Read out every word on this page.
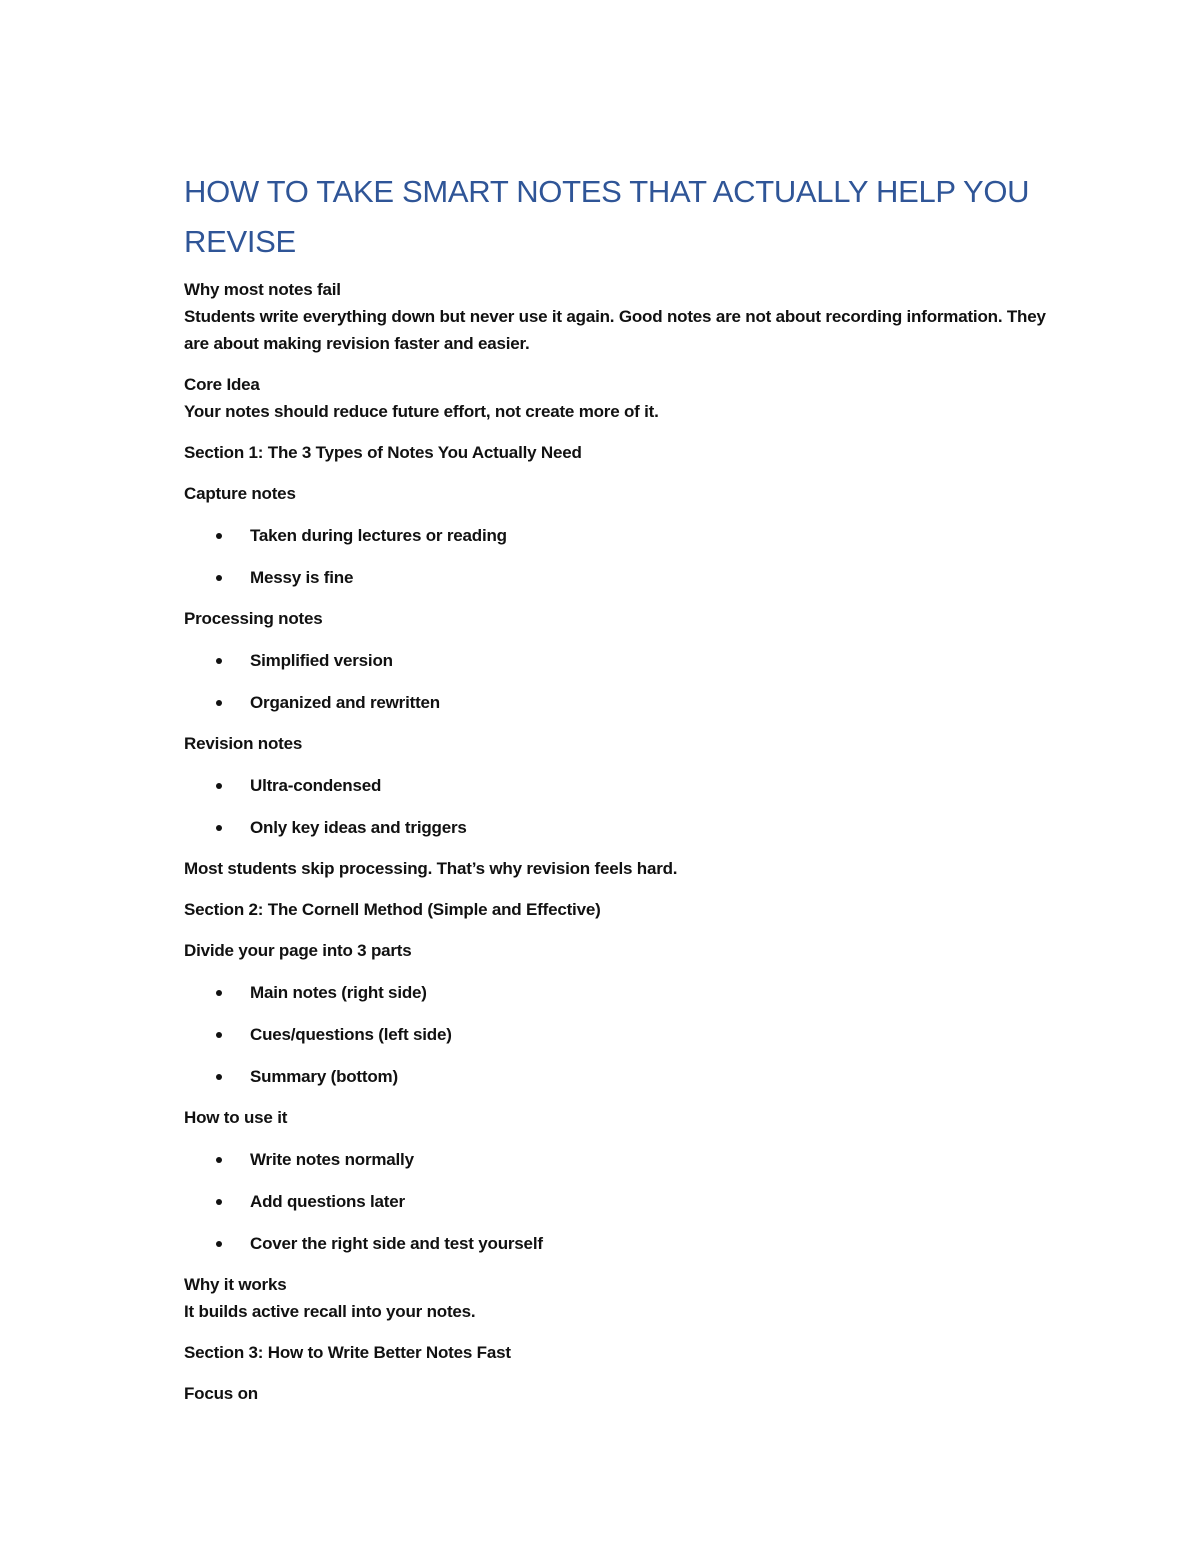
HOW TO TAKE SMART NOTES THAT ACTUALLY HELP YOU REVISE

Why most notes fail

Students write everything down but never use it again. Good notes are not about recording information. They are about making revision faster and easier.

Core Idea

Your notes should reduce future effort, not create more of it.

Section 1: The 3 Types of Notes You Actually Need

Capture notes

Taken during lectures or reading
Messy is fine

Processing notes

Simplified version
Organized and rewritten

Revision notes

Ultra-condensed
Only key ideas and triggers

Most students skip processing. That’s why revision feels hard.

Section 2: The Cornell Method (Simple and Effective)

Divide your page into 3 parts

Main notes (right side)
Cues/questions (left side)
Summary (bottom)

How to use it

Write notes normally
Add questions later
Cover the right side and test yourself

Why it works

It builds active recall into your notes.

Section 3: How to Write Better Notes Fast

Focus on
